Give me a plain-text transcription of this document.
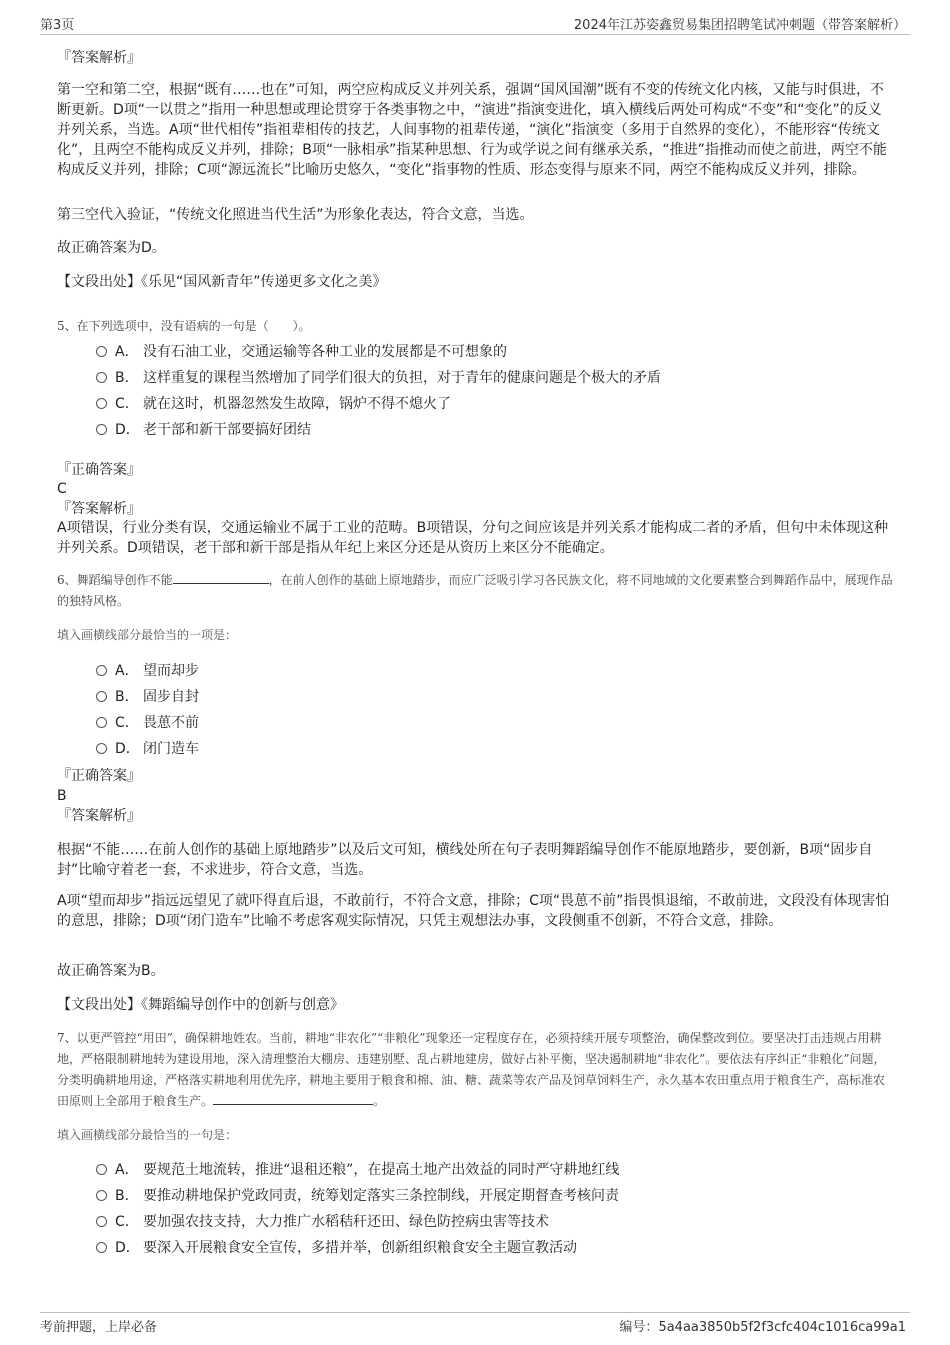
第3页	2024年江苏姿鑫贸易集团招聘笔试冲刺题（带答案解析）
『答案解析』
第一空和第二空，根据“既有……也在”可知，两空应构成反义并列关系，强调“国风国潮”既有不变的传统文化内核，又能与时俱进，不断更新。D项“一以贯之”指用一种思想或理论贯穿于各类事物之中，“演进”指演变进化，填入横线后两处可构成“不变”和“变化”的反义并列关系，当选。A项“世代相传”指祖辈相传的技艺，人间事物的祖辈传递，“演化”指演变（多用于自然界的变化），不能形容“传统文化”，且两空不能构成反义并列，排除；B项“一脉相承”指某种思想、行为或学说之间有继承关系，“推进”指推动而使之前进，两空不能构成反义并列，排除；C项“源远流长”比喻历史悠久，“变化”指事物的性质、形态变得与原来不同，两空不能构成反义并列，排除。
第三空代入验证，“传统文化照进当代生活”为形象化表达，符合文意，当选。
故正确答案为D。
【文段出处】《乐见“国风新青年”传递更多文化之美》
5、在下列选项中，没有语病的一句是（　　）。
A． 没有石油工业，交通运输等各种工业的发展都是不可想象的
B． 这样重复的课程当然增加了同学们很大的负担，对于青年的健康问题是个极大的矛盾
C． 就在这时，机器忽然发生故障，锅炉不得不熄火了
D． 老干部和新干部要搞好团结
『正确答案』
C
『答案解析』
A项错误，行业分类有误，交通运输业不属于工业的范畴。B项错误，分句之间应该是并列关系才能构成二者的矛盾，但句中未体现这种并列关系。D项错误，老干部和新干部是指从年纪上来区分还是从资历上来区分不能确定。
6、舞蹈编导创作不能	，在前人创作的基础上原地踏步，而应广泛吸引学习各民族文化，将不同地域的文化要素整合到舞蹈作品中，展现作品的独特风格。
填入画横线部分最恰当的一项是：
A． 望而却步
B． 固步自封
C． 畏葸不前
D． 闭门造车
『正确答案』
B
『答案解析』
根据“不能……在前人创作的基础上原地踏步”以及后文可知，横线处所在句子表明舞蹈编导创作不能原地踏步，要创新，B项“固步自封”比喻守着老一套，不求进步，符合文意，当选。
A项“望而却步”指远远望见了就吓得直后退，不敢前行，不符合文意，排除；C项“畏葸不前”指畏惧退缩，不敢前进，文段没有体现害怕的意思，排除；D项“闭门造车”比喻不考虑客观实际情况，只凭主观想法办事，文段侧重不创新，不符合文意，排除。
故正确答案为B。
【文段出处】《舞蹈编导创作中的创新与创意》
7、以更严管控“用田”，确保耕地姓农。当前，耕地“非农化”“非粮化”现象还一定程度存在，必须持续开展专项整治，确保整改到位。要坚决打击违规占用耕地，严格限制耕地转为建设用地，深入清理整治大棚房、违建别墅、乱占耕地建房，做好占补平衡，坚决遏制耕地“非农化”。要依法有序纠正“非粮化”问题，分类明确耕地用途，严格落实耕地利用优先序，耕地主要用于粮食和棉、油、糖、蔬菜等农产品及饲草饲料生产，永久基本农田重点用于粮食生产，高标准农田原则上全部用于粮食生产。	。
填入画横线部分最恰当的一句是：
A． 要规范土地流转，推进“退租还粮”，在提高土地产出效益的同时严守耕地红线
B． 要推动耕地保护党政同责，统筹划定落实三条控制线，开展定期督查考核问责
C． 要加强农技支持，大力推广水稻秸秆还田、绿色防控病虫害等技术
D． 要深入开展粮食安全宣传，多措并举，创新组织粮食安全主题宣教活动
考前押题，上岸必备	编号：5a4aa3850b5f2f3cfc404c1016ca99a1
